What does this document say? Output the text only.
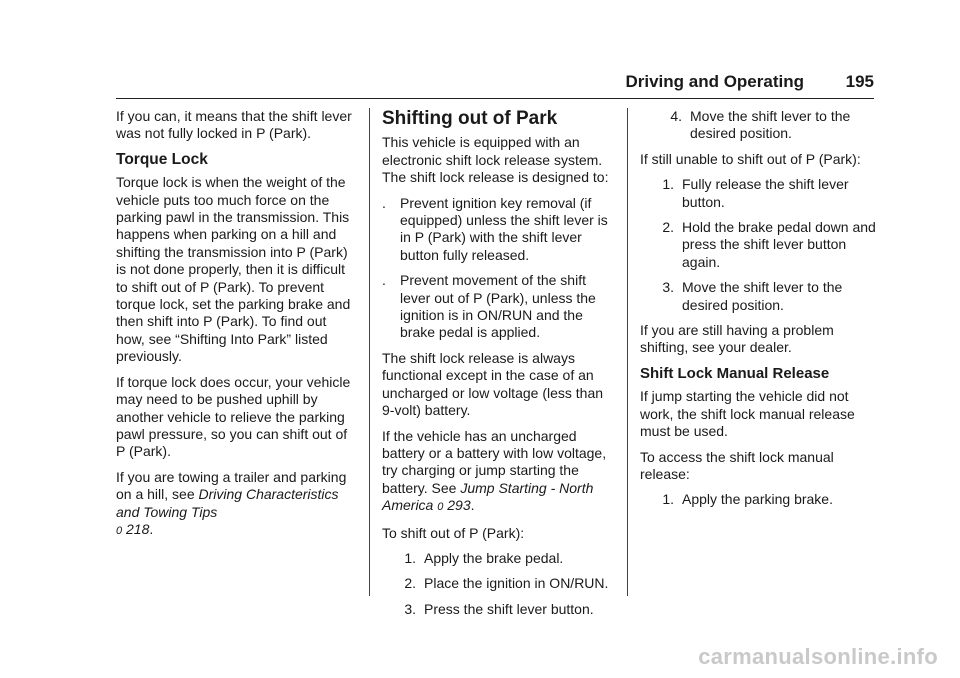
Driving and Operating 195

If you can, it means that the shift lever was not fully locked in P (Park).

Torque Lock

Torque lock is when the weight of the vehicle puts too much force on the parking pawl in the transmission. This happens when parking on a hill and shifting the transmission into P (Park) is not done properly, then it is difficult to shift out of P (Park). To prevent torque lock, set the parking brake and then shift into P (Park). To find out how, see “Shifting Into Park” listed previously.

If torque lock does occur, your vehicle may need to be pushed uphill by another vehicle to relieve the parking pawl pressure, so you can shift out of P (Park).

If you are towing a trailer and parking on a hill, see Driving Characteristics and Towing Tips
0 218.

Shifting out of Park

This vehicle is equipped with an electronic shift lock release system. The shift lock release is designed to:

.	Prevent ignition key removal (if equipped) unless the shift lever is in P (Park) with the shift lever button fully released.
.	Prevent movement of the shift lever out of P (Park), unless the ignition is in ON/RUN and the brake pedal is applied.

The shift lock release is always functional except in the case of an uncharged or low voltage (less than 9-volt) battery.

If the vehicle has an uncharged battery or a battery with low voltage, try charging or jump starting the battery. See Jump Starting - North America 0 293.

To shift out of P (Park):

1. Apply the brake pedal.
2. Place the ignition in ON/RUN.
3. Press the shift lever button.
4. Move the shift lever to the desired position.

If still unable to shift out of P (Park):

1. Fully release the shift lever button.
2. Hold the brake pedal down and press the shift lever button again.
3. Move the shift lever to the desired position.

If you are still having a problem shifting, see your dealer.

Shift Lock Manual Release

If jump starting the vehicle did not work, the shift lock manual release must be used.

To access the shift lock manual release:

1. Apply the parking brake.
carmanualsonline.info
